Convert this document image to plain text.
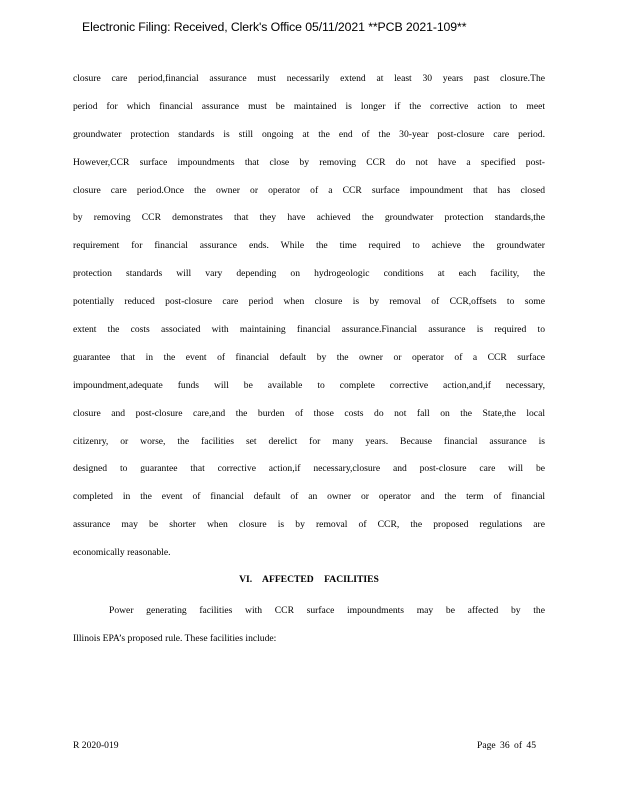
Electronic Filing: Received, Clerk's Office 05/11/2021 **PCB 2021-109**
closure care period,financial assurance must necessarily extend at least 30 years past closure.The
period for which financial assurance must be maintained is longer if the corrective action to meet
groundwater protection standards is still ongoing at the end of the 30-year post-closure care period.
However,CCR surface impoundments that close by removing CCR do not have a specified post-
closure care period.Once the owner or operator of a CCR surface impoundment that has closed
by removing CCR demonstrates that they have achieved the groundwater protection standards,the
requirement for financial assurance ends. While the time required to achieve the groundwater
protection standards will vary depending on hydrogeologic conditions at each facility, the
potentially reduced post-closure care period when closure is by removal of CCR,offsets to some
extent the costs associated with maintaining financial assurance.Financial assurance is required to
guarantee that in the event of financial default by the owner or operator of a CCR surface
impoundment,adequate funds will be available to complete corrective action,and,if necessary,
closure and post-closure care,and the burden of those costs do not fall on the State,the local
citizenry, or worse, the facilities set derelict for many years. Because financial assurance is
designed to guarantee that corrective action,if necessary,closure and post-closure care will be
completed in the event of financial default of an owner or operator and the term of financial
assurance may be shorter when closure is by removal of CCR, the proposed regulations are
economically reasonable.
VI. AFFECTED FACILITIES
Power generating facilities with CCR surface impoundments may be affected by the
Illinois EPA’s proposed rule. These facilities include:
R 2020-019	Page 36 of 45
